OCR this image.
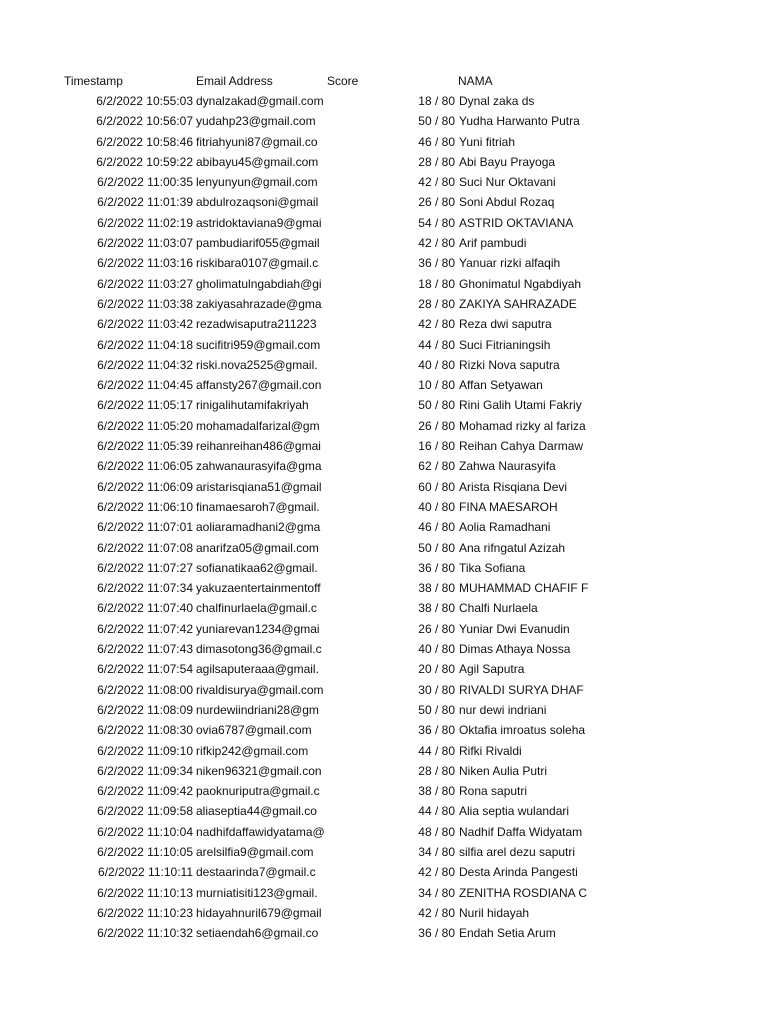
Timestamp	Email Address	Score	NAMA
6/2/2022 10:55:03 dynalzakad@gmail.com	18 / 80 Dynal zaka ds
6/2/2022 10:56:07 yudahp23@gmail.com	50 / 80 Yudha Harwanto Putra
6/2/2022 10:58:46 fitriahyuni87@gmail.co	46 / 80 Yuni fitriah
6/2/2022 10:59:22 abibayu45@gmail.com	28 / 80 Abi Bayu Prayoga
6/2/2022 11:00:35 lenyunyun@gmail.com	42 / 80 Suci Nur Oktavani
6/2/2022 11:01:39 abdulrozaqsoni@gmail	26 / 80 Soni Abdul Rozaq
6/2/2022 11:02:19 astridoktaviana9@gmai	54 / 80 ASTRID OKTAVIANA
6/2/2022 11:03:07 pambudiarif055@gmail	42 / 80 Arif pambudi
6/2/2022 11:03:16 riskibara0107@gmail.c	36 / 80 Yanuar rizki alfaqih
6/2/2022 11:03:27 gholimatulngabdiah@gi	18 / 80 Ghonimatul Ngabdiyah
6/2/2022 11:03:38 zakiyasahrazade@gma	28 / 80 ZAKIYA SAHRAZADE
6/2/2022 11:03:42 rezadwisaputra211223	42 / 80 Reza dwi saputra
6/2/2022 11:04:18 sucifitri959@gmail.com	44 / 80 Suci Fitrianingsih
6/2/2022 11:04:32 riski.nova2525@gmail.	40 / 80 Rizki Nova saputra
6/2/2022 11:04:45 affansty267@gmail.con	10 / 80 Affan Setyawan
6/2/2022 11:05:17 rinigalihutamifakriyah	50 / 80 Rini Galih Utami Fakriy
6/2/2022 11:05:20 mohamadalfarizal@gm	26 / 80 Mohamad rizky al fariza
6/2/2022 11:05:39 reihanreihan486@gmai	16 / 80 Reihan Cahya Darmaw
6/2/2022 11:06:05 zahwanaurasyifa@gma	62 / 80 Zahwa Naurasyifa
6/2/2022 11:06:09 aristarisqiana51@gmail	60 / 80 Arista Risqiana Devi
6/2/2022 11:06:10 finamaesaroh7@gmail.	40 / 80 FINA MAESAROH
6/2/2022 11:07:01 aoliaramadhani2@gma	46 / 80 Aolia Ramadhani
6/2/2022 11:07:08 anarifza05@gmail.com	50 / 80 Ana rifngatul Azizah
6/2/2022 11:07:27 sofianatikaa62@gmail.	36 / 80 Tika Sofiana
6/2/2022 11:07:34 yakuzaentertainmentoff	38 / 80 MUHAMMAD CHAFIF F
6/2/2022 11:07:40 chalfinurlaela@gmail.c	38 / 80 Chalfi Nurlaela
6/2/2022 11:07:42 yuniarevan1234@gmai	26 / 80 Yuniar Dwi Evanudin
6/2/2022 11:07:43 dimasotong36@gmail.c	40 / 80 Dimas Athaya Nossa
6/2/2022 11:07:54 agilsaputeraaa@gmail.	20 / 80 Agil Saputra
6/2/2022 11:08:00 rivaldisurya@gmail.com	30 / 80 RIVALDI SURYA DHAF
6/2/2022 11:08:09 nurdewiindriani28@gm	50 / 80 nur dewi indriani
6/2/2022 11:08:30 ovia6787@gmail.com	36 / 80 Oktafia imroatus soleha
6/2/2022 11:09:10 rifkip242@gmail.com	44 / 80 Rifki Rivaldi
6/2/2022 11:09:34 niken96321@gmail.con	28 / 80 Niken Aulia Putri
6/2/2022 11:09:42 paoknuriputra@gmail.c	38 / 80 Rona saputri
6/2/2022 11:09:58 aliaseptia44@gmail.co	44 / 80 Alia septia wulandari
6/2/2022 11:10:04 nadhifdaffawidyatama@	48 / 80 Nadhif Daffa Widyatam
6/2/2022 11:10:05 arelsilfia9@gmail.com	34 / 80 silfia arel dezu saputri
6/2/2022 11:10:11 destaarinda7@gmail.c	42 / 80 Desta Arinda Pangesti
6/2/2022 11:10:13 murniatisiti123@gmail.	34 / 80 ZENITHA ROSDIANA C
6/2/2022 11:10:23 hidayahnuril679@gmail	42 / 80 Nuril hidayah
6/2/2022 11:10:32 setiaendah6@gmail.co	36 / 80 Endah Setia Arum
